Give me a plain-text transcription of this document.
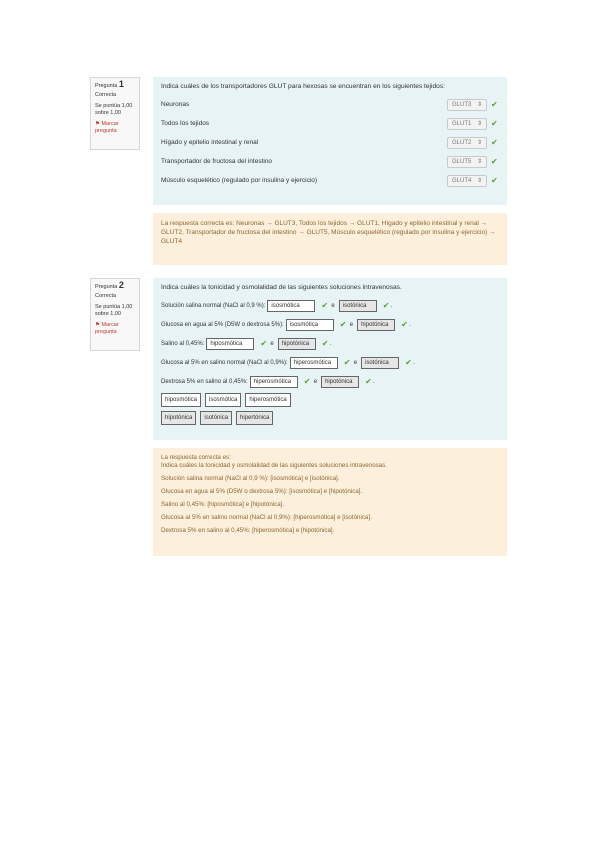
Pregunta 1
Correcta
Se puntúa 1,00 sobre 1,00
⚑ Marcar pregunta
Indica cuáles de los transportadores GLUT para hexosas se encuentran en los siguientes tejidos:
Neuronas	GLUT3 ⇕ ✔
Todos los tejidos	GLUT1 ⇕ ✔
Hígado y epitelio intestinal y renal	GLUT2 ⇕ ✔
Transportador de fructosa del intestino	GLUT5 ⇕ ✔
Músculo esquelético (regulado por insulina y ejercicio)	GLUT4 ⇕ ✔
La respuesta correcta es: Neuronas → GLUT3, Todos los tejidos → GLUT1, Hígado y epitelio intestinal y renal → GLUT2, Transportador de fructosa del intestino → GLUT5, Músculo esquelético (regulado por insulina y ejercicio) → GLUT4
Pregunta 2
Correcta
Se puntúa 1,00 sobre 1,00
⚑ Marcar pregunta
Indica cuáles la tonicidad y osmolalidad de las siguientes soluciones intravenosas.
Solución salina normal (NaCl al 0,9 %):	isosmótica	✔ e	isotónica	✔ .
Glucosa en agua al 5% (D5W o dextrosa 5%):	isosmótica	✔ e	hipotónica	✔ .
Salino al 0,45%:	hiposmótica	✔ e	hipotónica	✔ .
Glucosa al 5% en salino normal (NaCl al 0,9%):	hiperosmótica	✔ e	isotónica	✔ .
Dextrosa 5% en salino al 0,45%:	hiperosmótica	✔ e	hipotónica	✔ .
hiposmótica	isosmótica	hiperosmótica
hipotónica	isotónica	hipertónica

La respuesta correcta es:

Indica cuáles la tonicidad y osmolalidad de las siguientes soluciones intravenosas.

Solución salina normal (NaCl al 0,9 %): [isosmótica] e [isotónica].

Glucosa en agua al 5% (D5W o dextrosa 5%): [isosmótica] e [hipotónica].

Salino al 0,45%: [hiposmótica] e [hipotónica].

Glucosa al 5% en salino normal (NaCl al 0,9%): [hiperosmótica] e [isotónica].

Dextrosa 5% en salino al 0,45%: [hiperosmótica] e [hipotónica].
